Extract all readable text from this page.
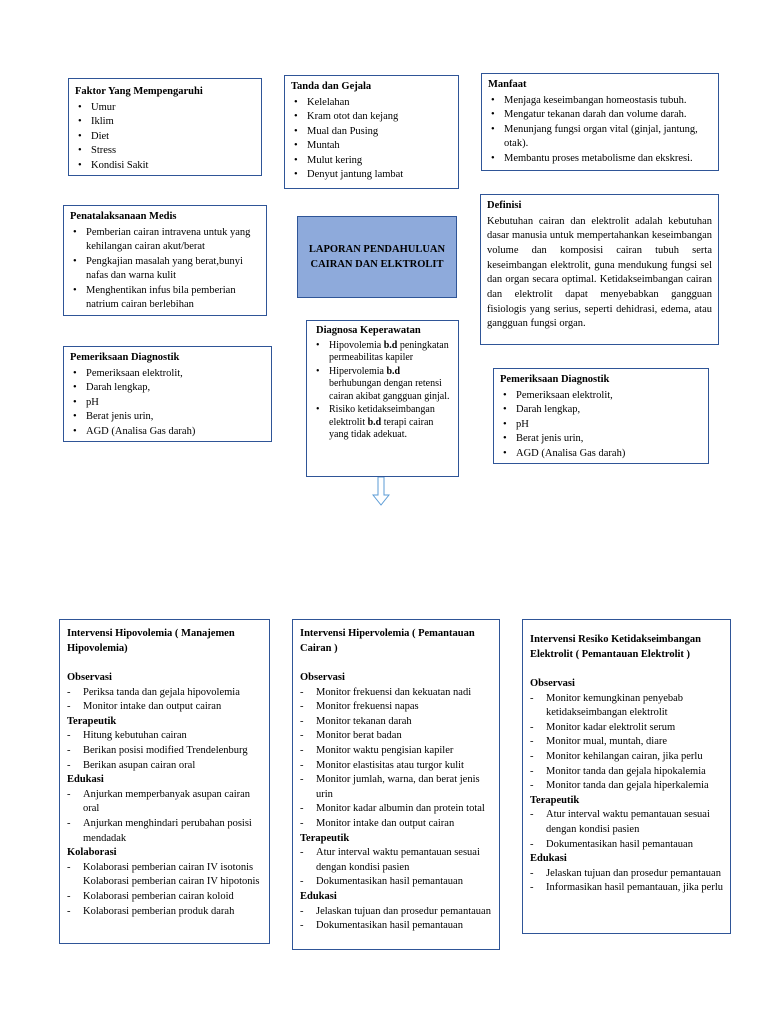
Faktor Yang Mempengaruhi
• Umur
• Iklim
• Diet
• Stress
• Kondisi Sakit
Tanda dan Gejala
• Kelelahan
• Kram otot dan kejang
• Mual dan Pusing
• Muntah
• Mulut kering
• Denyut jantung lambat
Manfaat
• Menjaga keseimbangan homeostasis tubuh.
• Mengatur tekanan darah dan volume darah.
• Menunjang fungsi organ vital (ginjal, jantung, otak).
• Membantu proses metabolisme dan ekskresi.
Penatalaksanaan Medis
• Pemberian cairan intravena untuk yang kehilangan cairan akut/berat
• Pengkajian masalah yang berat,bunyi nafas dan warna kulit
• Menghentikan infus bila pemberian natrium cairan berlebihan
LAPORAN PENDAHULUAN CAIRAN DAN ELKTROLIT
Definisi
Kebutuhan cairan dan elektrolit adalah kebutuhan dasar manusia untuk mempertahankan keseimbangan volume dan komposisi cairan tubuh serta keseimbangan elektrolit, guna mendukung fungsi sel dan organ secara optimal. Ketidakseimbangan cairan dan elektrolit dapat menyebabkan gangguan fisiologis yang serius, seperti dehidrasi, edema, atau gangguan fungsi organ.
Pemeriksaan Diagnostik
• Pemeriksaan elektrolit,
• Darah lengkap,
• pH
• Berat jenis urin,
• AGD (Analisa Gas darah)
Diagnosa Keperawatan
• Hipovolemia b.d peningkatan permeabilitas kapiler
• Hipervolemia b.d berhubungan dengan retensi cairan akibat gangguan ginjal.
• Risiko ketidakseimbangan elektrolit b.d terapi cairan yang tidak adekuat.
Pemeriksaan Diagnostik
• Pemeriksaan elektrolit,
• Darah lengkap,
• pH
• Berat jenis urin,
• AGD (Analisa Gas darah)
Intervensi Hipovolemia ( Manajemen Hipovolemia)
Observasi
- Periksa tanda dan gejala hipovolemia
- Monitor intake dan output cairan
Terapeutik
- Hitung kebutuhan cairan
- Berikan posisi modified Trendelenburg
- Berikan asupan cairan oral
Edukasi
- Anjurkan memperbanyak asupan cairan oral
- Anjurkan menghindari perubahan posisi mendadak
Kolaborasi
- Kolaborasi pemberian cairan IV isotonis Kolaborasi pemberian cairan IV hipotonis
- Kolaborasi pemberian cairan koloid
- Kolaborasi pemberian produk darah
Intervensi Hipervolemia ( Pemantauan Cairan )
Observasi
- Monitor frekuensi dan kekuatan nadi
- Monitor frekuensi napas
- Monitor tekanan darah
- Monitor berat badan
- Monitor waktu pengisian kapiler
- Monitor elastisitas atau turgor kulit
- Monitor jumlah, warna, dan berat jenis urin
- Monitor kadar albumin dan protein total
- Monitor intake dan output cairan
Terapeutik
- Atur interval waktu pemantauan sesuai dengan kondisi pasien
- Dokumentasikan hasil pemantauan
Edukasi
- Jelaskan tujuan dan prosedur pemantauan
- Dokumentasikan hasil pemantauan
Intervensi Resiko Ketidakseimbangan Elektrolit ( Pemantauan Elektrolit )
Observasi
- Monitor kemungkinan penyebab ketidakseimbangan elektrolit
- Monitor kadar elektrolit serum
- Monitor mual, muntah, diare
- Monitor kehilangan cairan, jika perlu
- Monitor tanda dan gejala hipokalemia
- Monitor tanda dan gejala hiperkalemia
Terapeutik
- Atur interval waktu pemantauan sesuai dengan kondisi pasien
- Dokumentasikan hasil pemantauan
Edukasi
- Jelaskan tujuan dan prosedur pemantauan
- Informasikan hasil pemantauan, jika perlu
